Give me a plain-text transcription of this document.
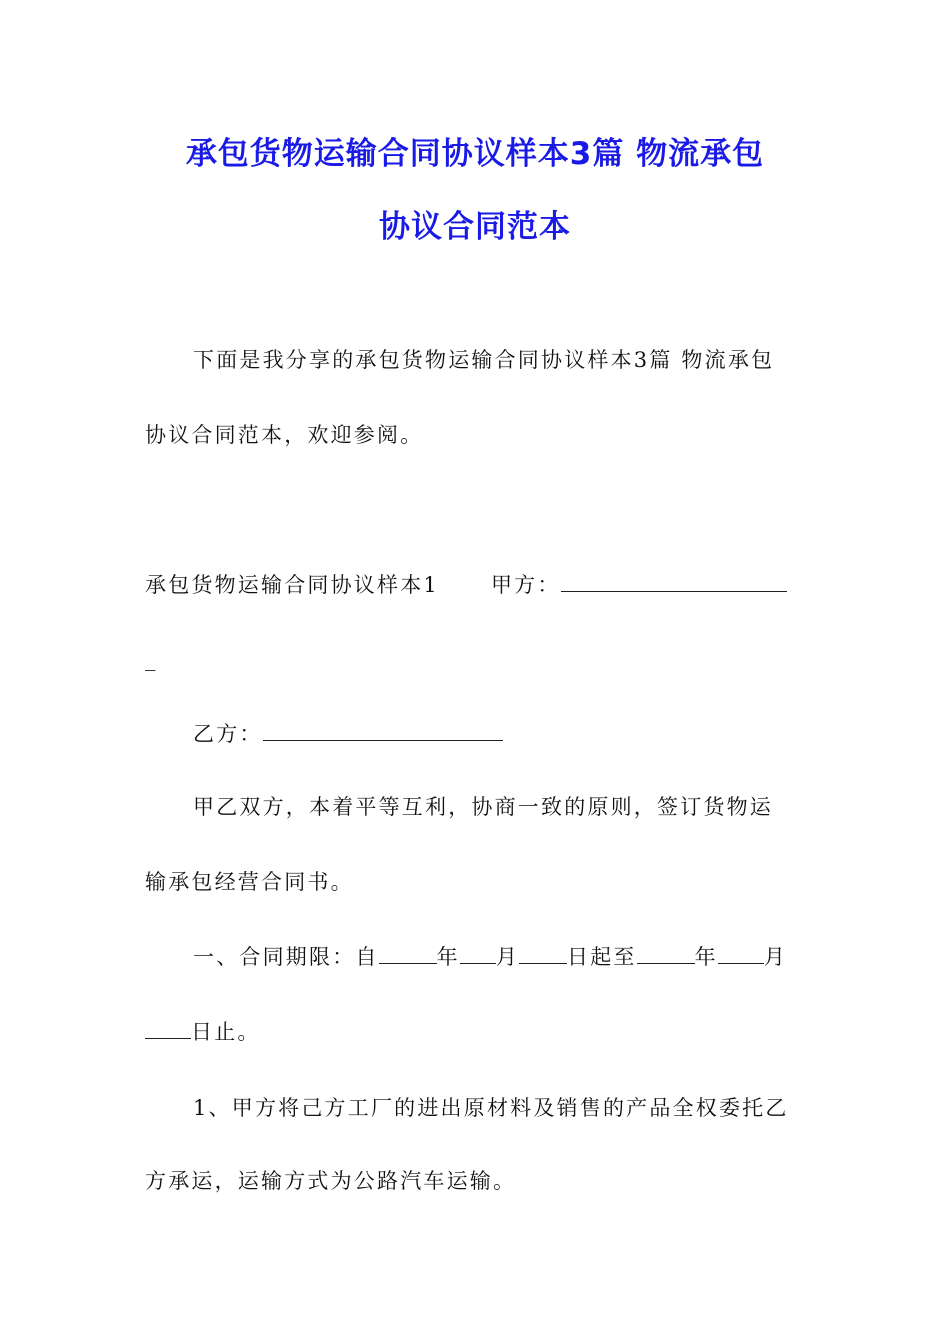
承包货物运输合同协议样本3篇 物流承包
协议合同范本
下面是我分享的承包货物运输合同协议样本3篇 物流承包
协议合同范本，欢迎参阅。
承包货物运输合同协议样本1 甲方：
_
乙方：
甲乙双方，本着平等互利，协商一致的原则，签订货物运
输承包经营合同书。
一、合同期限：自	年 月 日起至	年 月
日止。
1、甲方将己方工厂的进出原材料及销售的产品全权委托乙
方承运，运输方式为公路汽车运输。
